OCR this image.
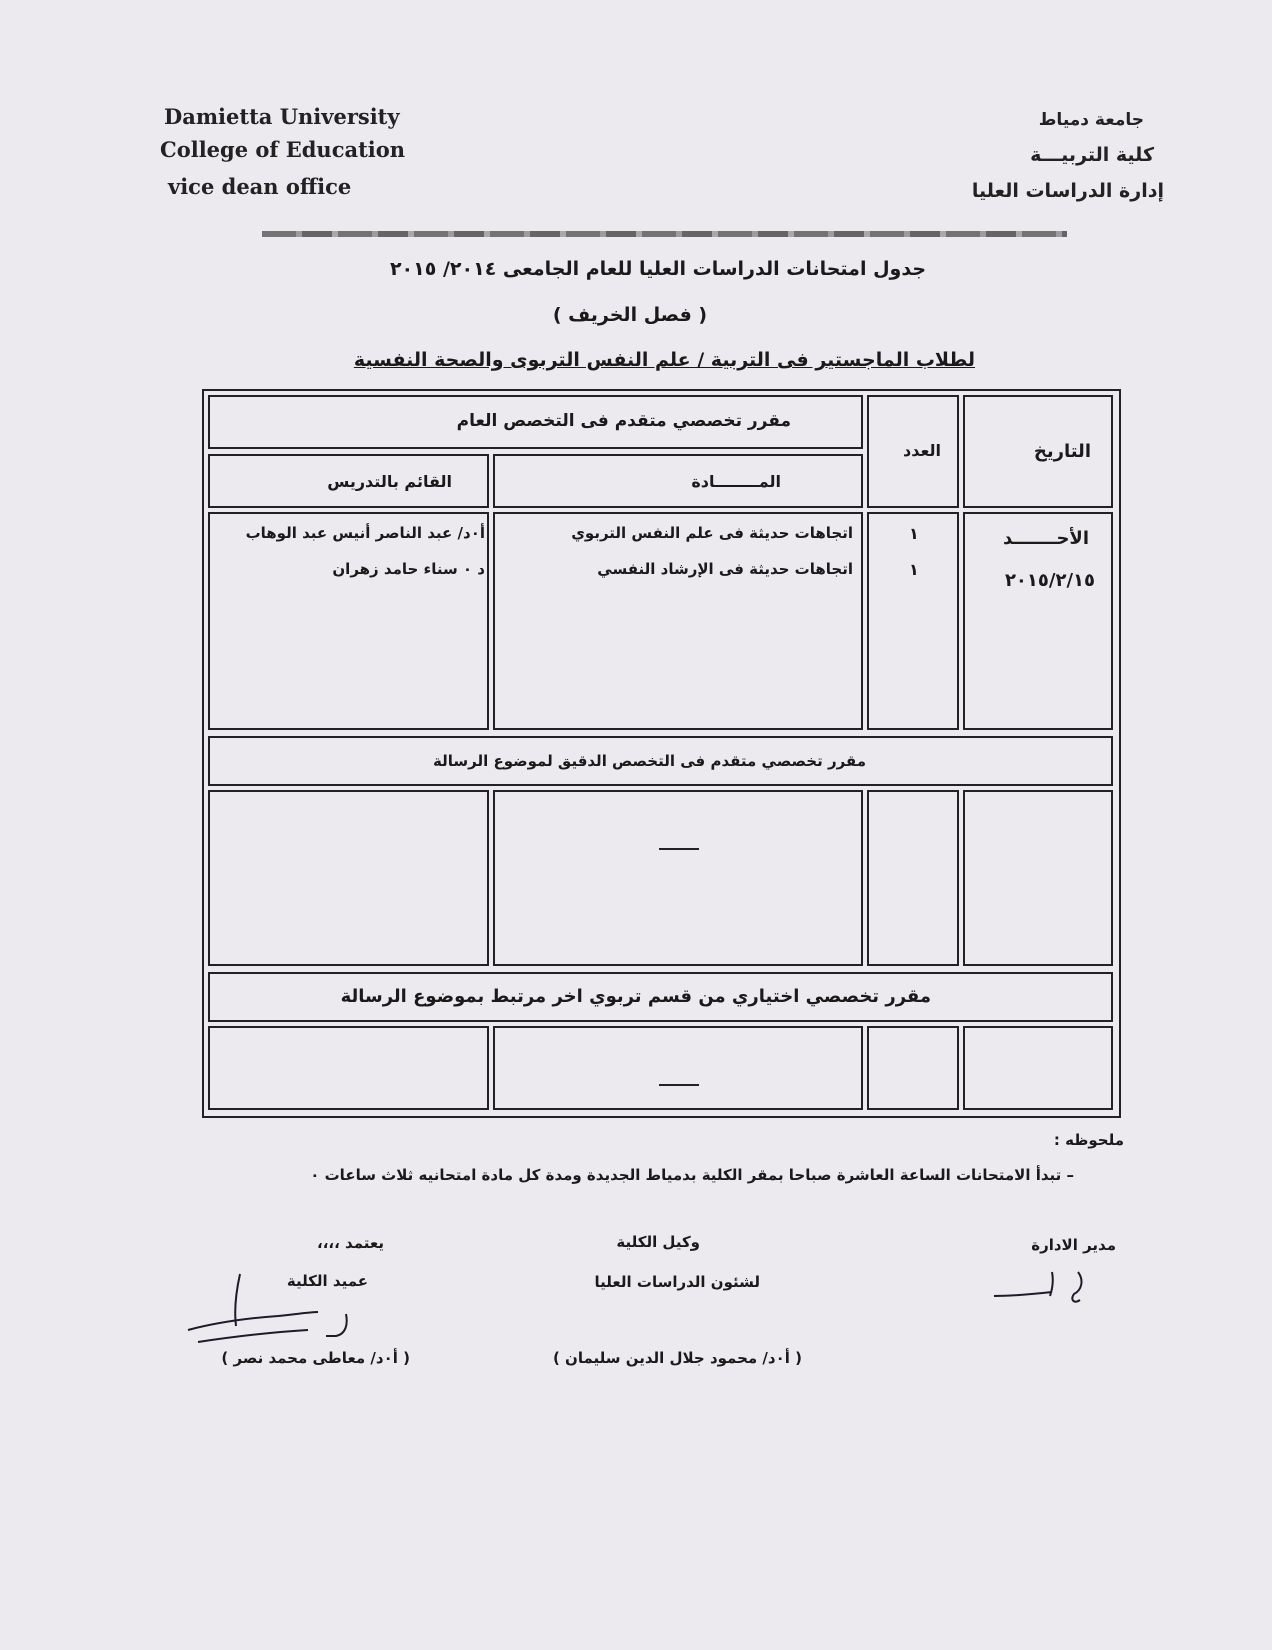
Damietta University
College of Education
vice dean office
جامعة دمياط
كلية التربيـــة
إدارة الدراسات العليا
جدول امتحانات الدراسات العليا للعام الجامعى ٢٠١٤/ ٢٠١٥
( فصل الخريف )
لطلاب الماجستير فى التربية / علم النفس التربوى والصحة النفسية
التاريخ
العدد
مقرر تخصصي متقدم فى التخصص العام
المــــــــادة
القائم بالتدريس
الأحـــــــد
٢٠١٥/٢/١٥
١
١
اتجاهات حديثة فى علم النفس التربوي
اتجاهات حديثة فى الإرشاد النفسي
أ٠د/ عبد الناصر أنيس عبد الوهاب
د ٠ سناء حامد زهران
مقرر تخصصي متقدم فى التخصص الدقيق لموضوع الرسالة
مقرر تخصصي اختياري من قسم تربوي اخر مرتبط بموضوع الرسالة
ملحوظه :
– تبدأ الامتحانات الساعة العاشرة صباحا بمقر الكلية بدمياط الجديدة ومدة كل مادة امتحانيه ثلاث ساعات ٠
مدير الادارة
وكيل الكلية
لشئون الدراسات العليا
( أ٠د/ محمود جلال الدين سليمان )
يعتمد ،،،،
عميد الكلية
( أ٠د/ معاطى محمد نصر )
